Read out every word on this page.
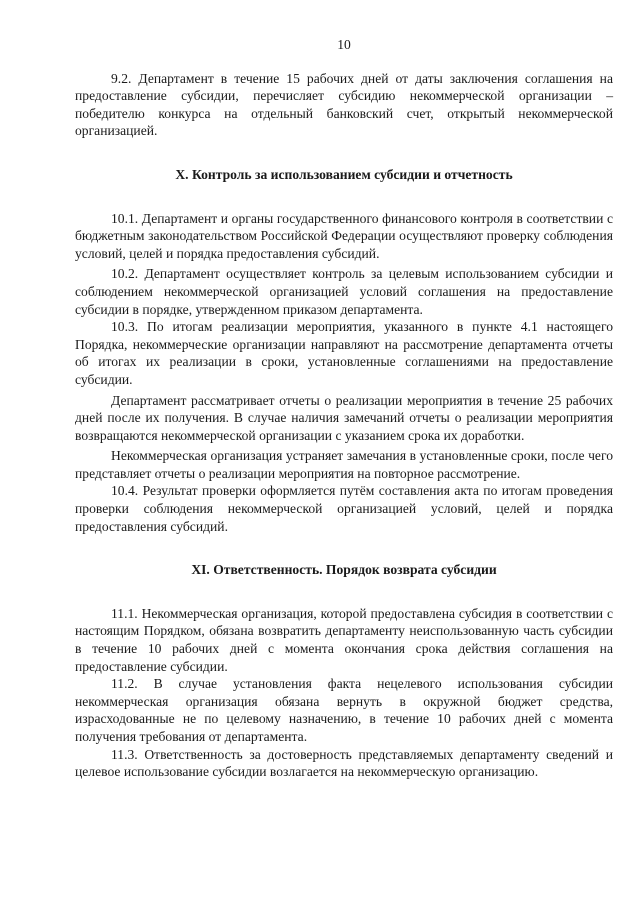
10

9.2. Департамент в течение 15 рабочих дней от даты заключения соглашения на предоставление субсидии, перечисляет субсидию некоммерческой организации – победителю конкурса на отдельный банковский счет, открытый некоммерческой организацией.

X. Контроль за использованием субсидии и отчетность

10.1. Департамент и органы государственного финансового контроля в соответствии с бюджетным законодательством Российской Федерации осуществляют проверку соблюдения условий, целей и порядка предоставления субсидий.

10.2. Департамент осуществляет контроль за целевым использованием субсидии и соблюдением некоммерческой организацией условий соглашения на предоставление субсидии в порядке, утвержденном приказом департамента.

10.3. По итогам реализации мероприятия, указанного в пункте 4.1 настоящего Порядка, некоммерческие организации направляют на рассмотрение департамента отчеты об итогах их реализации в сроки, установленные соглашениями на предоставление субсидии.

Департамент рассматривает отчеты о реализации мероприятия в течение 25 рабочих дней после их получения. В случае наличия замечаний отчеты о реализации мероприятия возвращаются некоммерческой организации с указанием срока их доработки.

Некоммерческая организация устраняет замечания в установленные сроки, после чего представляет отчеты о реализации мероприятия на повторное рассмотрение.

10.4. Результат проверки оформляется путём составления акта по итогам проведения проверки соблюдения некоммерческой организацией условий, целей и порядка предоставления субсидий.

XI. Ответственность. Порядок возврата субсидии

11.1. Некоммерческая организация, которой предоставлена субсидия в соответствии с настоящим Порядком, обязана возвратить департаменту неиспользованную часть субсидии в течение 10 рабочих дней с момента окончания срока действия соглашения на предоставление субсидии.

11.2. В случае установления факта нецелевого использования субсидии некоммерческая организация обязана вернуть в окружной бюджет средства, израсходованные не по целевому назначению, в течение 10 рабочих дней с момента получения требования от департамента.

11.3. Ответственность за достоверность представляемых департаменту сведений и целевое использование субсидии возлагается на некоммерческую организацию.
